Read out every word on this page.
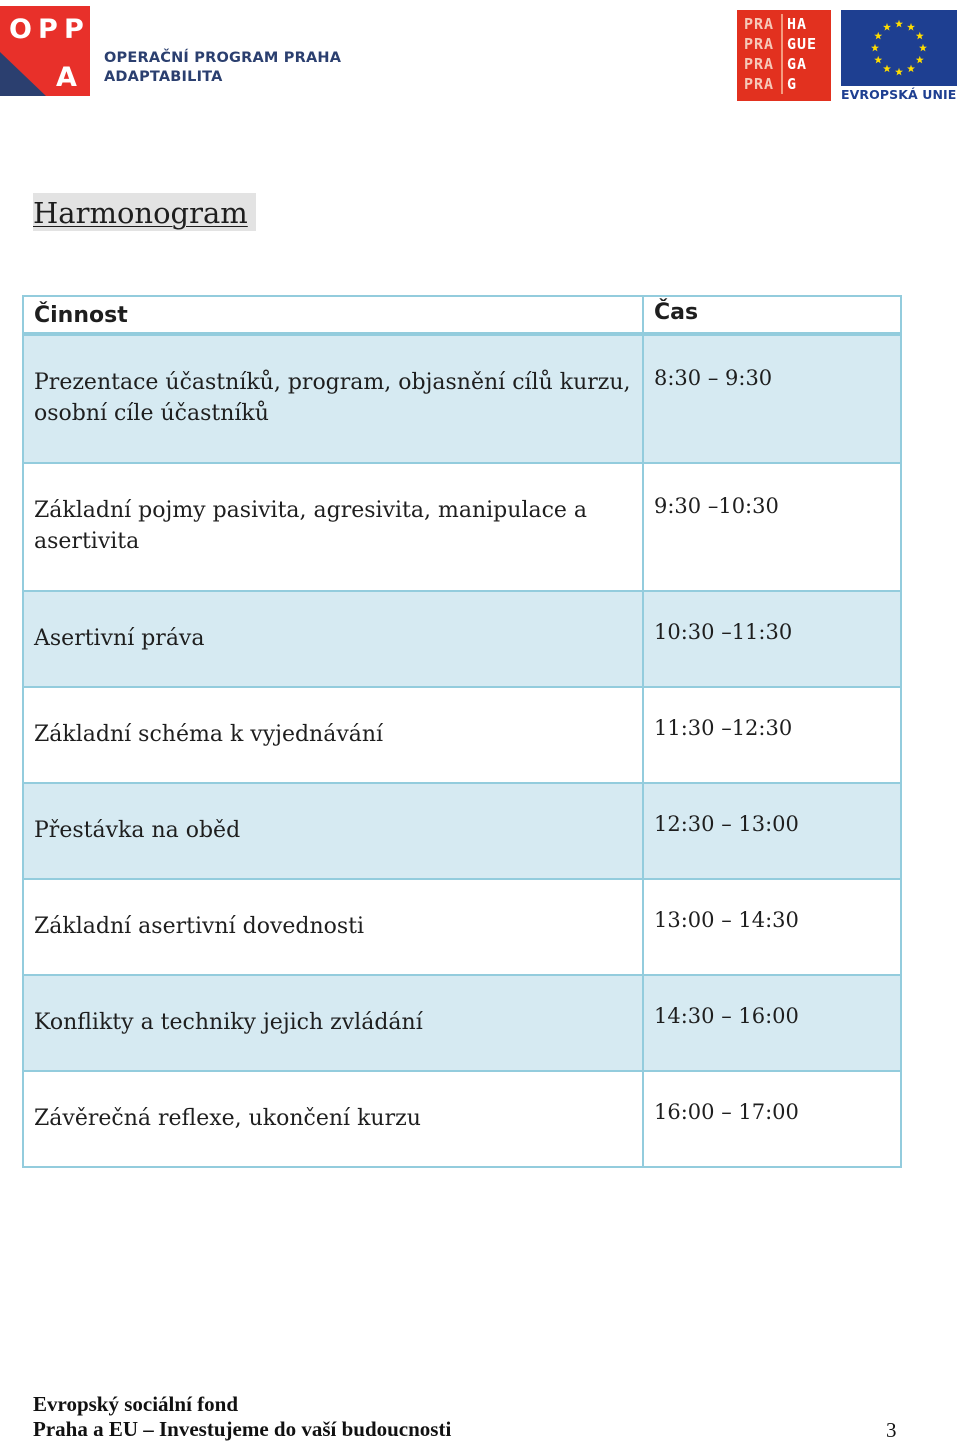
O P P
A
OPERAČNÍ PROGRAM PRAHA
ADAPTABILITA
PRA
PRA
PRA
PRA
HA
GUE
GA
G
EVROPSKÁ UNIE
Harmonogram
Činnost	Čas

Prezentace účastníků, program, objasnění cílů kurzu, osobní cíle účastníků	8:30 – 9:30

Základní pojmy pasivita, agresivita, manipulace a asertivita	9:30 –10:30

Asertivní práva	10:30 –11:30

Základní schéma k vyjednávání	11:30 –12:30

Přestávka na oběd	12:30 – 13:00

Základní asertivní dovednosti	13:00 – 14:30

Konflikty a techniky jejich zvládání	14:30 – 16:00

Závěrečná reflexe, ukončení kurzu	16:00 – 17:00
Evropský sociální fond
Praha a EU – Investujeme do vaší budoucnosti	3
